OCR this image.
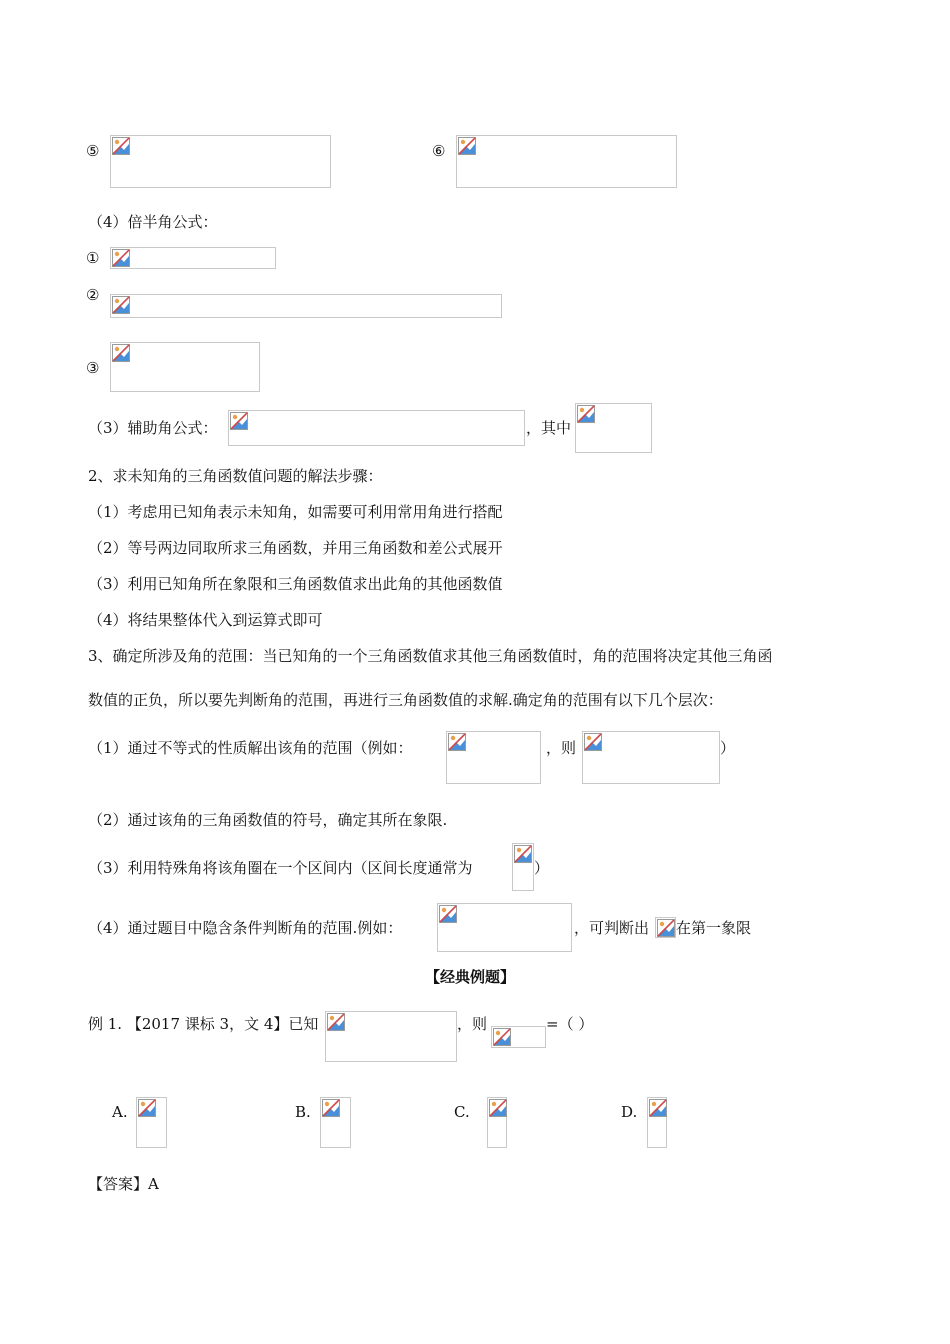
⑤	⑥
（4）倍半角公式：
①
②
③
（3）辅助角公式：	，其中
2、求未知角的三角函数值问题的解法步骤：
（1）考虑用已知角表示未知角，如需要可利用常用角进行搭配
（2）等号两边同取所求三角函数，并用三角函数和差公式展开
（3）利用已知角所在象限和三角函数值求出此角的其他函数值
（4）将结果整体代入到运算式即可
3、确定所涉及角的范围：当已知角的一个三角函数值求其他三角函数值时，角的范围将决定其他三角函
数值的正负，所以要先判断角的范围，再进行三角函数值的求解.确定角的范围有以下几个层次：
（1）通过不等式的性质解出该角的范围（例如：	，则	）
（2）通过该角的三角函数值的符号，确定其所在象限.
（3）利用特殊角将该角圈在一个区间内（区间长度通常为	）
（4）通过题目中隐含条件判断角的范围.例如：	，可判断出 在第一象限
【经典例题】
例 1. 【2017 课标 3，文 4】已知	，则	=（ ）
A.	B.	C.	D.
【答案】A
